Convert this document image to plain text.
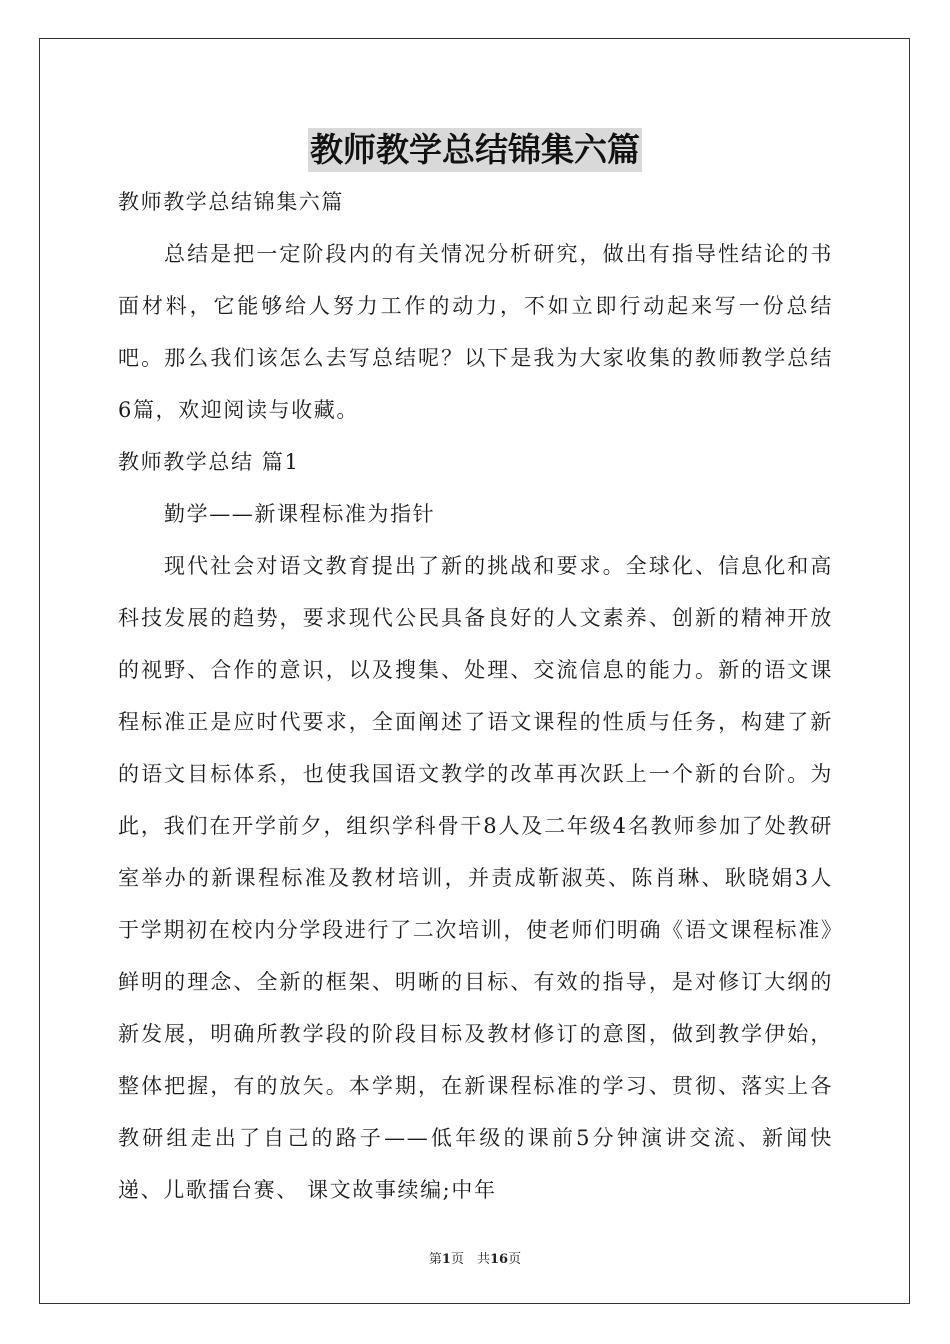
教师教学总结锦集六篇

教师教学总结锦集六篇

总结是把一定阶段内的有关情况分析研究，做出有指导性结论的书面材料，它能够给人努力工作的动力，不如立即行动起来写一份总结吧。那么我们该怎么去写总结呢？以下是我为大家收集的教师教学总结6篇，欢迎阅读与收藏。

教师教学总结 篇1

勤学——新课程标准为指针

现代社会对语文教育提出了新的挑战和要求。全球化、信息化和高科技发展的趋势，要求现代公民具备良好的人文素养、创新的精神开放的视野、合作的意识，以及搜集、处理、交流信息的能力。新的语文课程标准正是应时代要求，全面阐述了语文课程的性质与任务，构建了新的语文目标体系，也使我国语文教学的改革再次跃上一个新的台阶。为此，我们在开学前夕，组织学科骨干8人及二年级4名教师参加了处教研室举办的新课程标准及教材培训，并责成靳淑英、陈肖琳、耿晓娟3人于学期初在校内分学段进行了二次培训，使老师们明确《语文课程标准》鲜明的理念、全新的框架、明晰的目标、有效的指导，是对修订大纲的新发展，明确所教学段的阶段目标及教材修订的意图，做到教学伊始，整体把握，有的放矢。本学期，在新课程标准的学习、贯彻、落实上各教研组走出了自己的路子——低年级的课前5分钟演讲交流、新闻快递、儿歌擂台赛、 课文故事续编;中年

第1页　共16页
